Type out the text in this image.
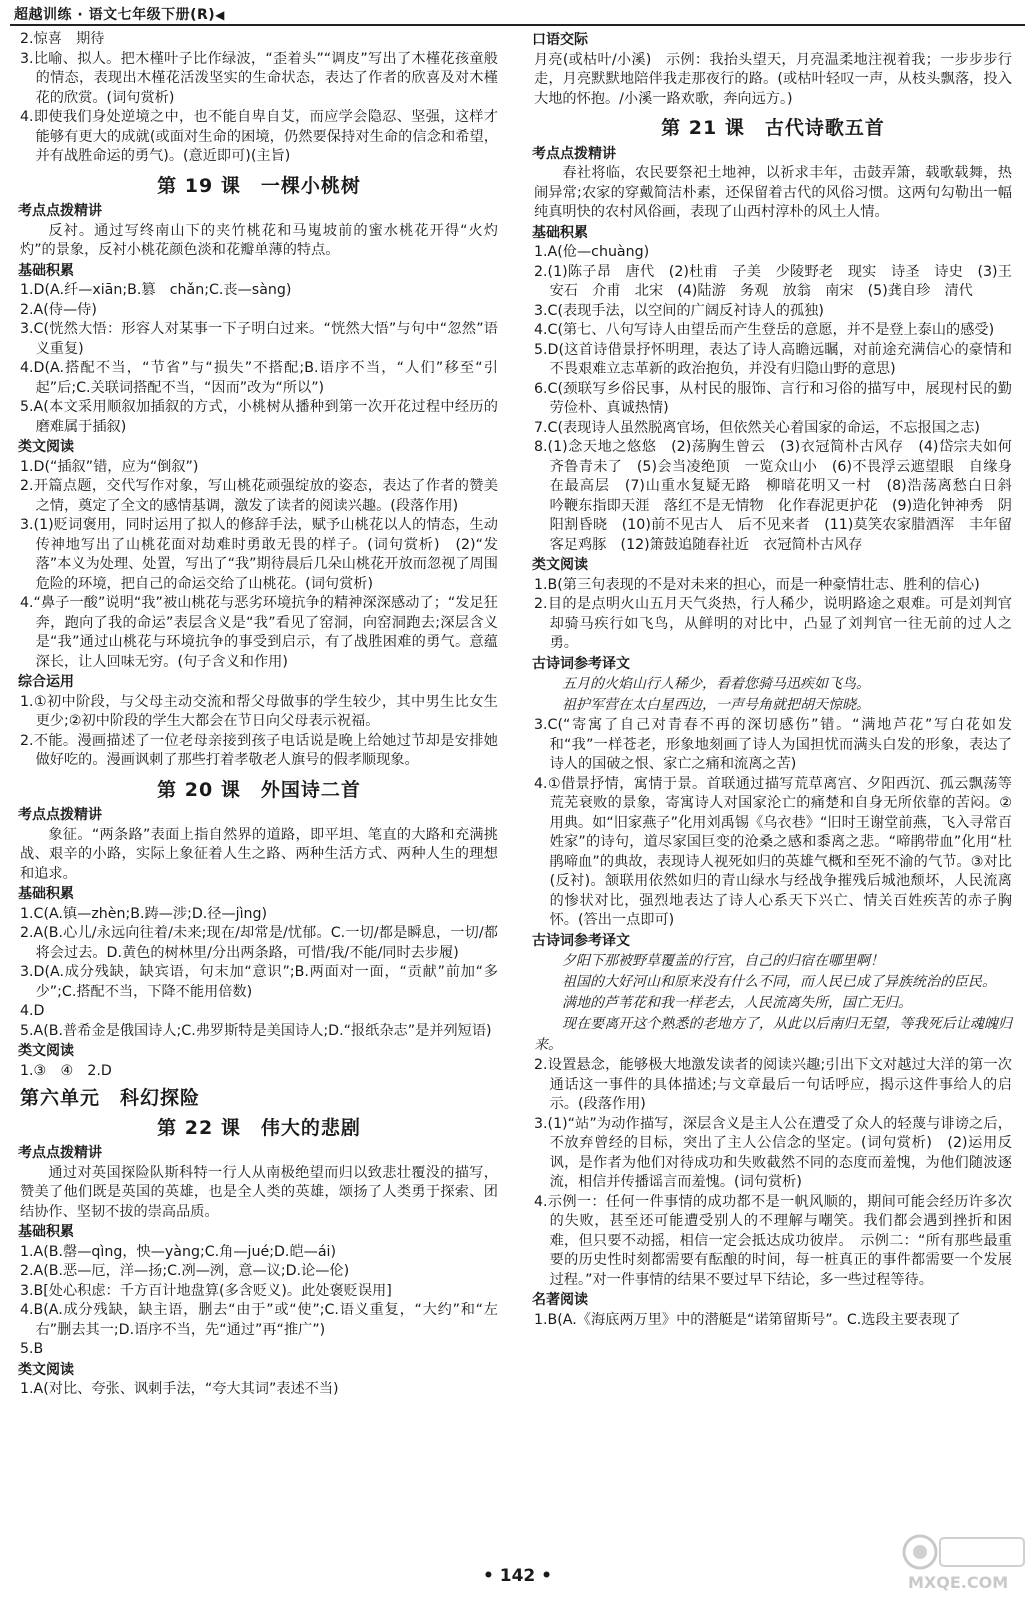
超越训练 · 语文七年级下册(R)◀
2.惊喜　期待
3.比喻、拟人。把木槿叶子比作绿波，“歪着头”“调皮”写出了木槿花孩童般的情态，表现出木槿花活泼坚实的生命状态，表达了作者的欣喜及对木槿花的欣赏。(词句赏析)
4.即使我们身处逆境之中，也不能自卑自艾，而应学会隐忍、坚强，这样才能够有更大的成就(或面对生命的困境，仍然要保持对生命的信念和希望，并有战胜命运的勇气)。(意近即可)(主旨)
第 19 课　一棵小桃树
考点点拨精讲
反衬。通过写终南山下的夹竹桃花和马嵬坡前的蜜水桃花开得“火灼灼”的景象，反衬小桃花颜色淡和花瓣单薄的特点。
基础积累
1.D(A.纤—xiān;B.篡　chǎn;C.丧—sàng)
2.A(侍—侍)
3.C(恍然大悟：形容人对某事一下子明白过来。“恍然大悟”与句中“忽然”语义重复)
4.D(A.搭配不当，“节省”与“损失”不搭配;B.语序不当，“人们”移至“引起”后;C.关联词搭配不当，“因而”改为“所以”)
5.A(本文采用顺叙加插叙的方式，小桃树从播种到第一次开花过程中经历的磨难属于插叙)
类文阅读
1.D(“插叙”错，应为“倒叙”)
2.开篇点题，交代写作对象，写山桃花顽强绽放的姿态，表达了作者的赞美之情，奠定了全文的感情基调，激发了读者的阅读兴趣。(段落作用)
3.(1)贬词褒用，同时运用了拟人的修辞手法，赋予山桃花以人的情态，生动传神地写出了山桃花面对劫难时勇敢无畏的样子。(词句赏析)　(2)“发落”本义为处理、处置，写出了“我”期待晨后几朵山桃花开放而忽视了周围危险的环境，把自己的命运交给了山桃花。(词句赏析)
4.“鼻子一酸”说明“我”被山桃花与恶劣环境抗争的精神深深感动了；“发足狂奔，跑向了我的命运”表层含义是“我”看见了窑洞，向窑洞跑去;深层含义是“我”通过山桃花与环境抗争的事受到启示，有了战胜困难的勇气。意蕴深长，让人回味无穷。(句子含义和作用)
综合运用
1.①初中阶段，与父母主动交流和帮父母做事的学生较少，其中男生比女生更少;②初中阶段的学生大都会在节日向父母表示祝福。
2.不能。漫画描述了一位老母亲接到孩子电话说是晚上给她过节却是安排她做好吃的。漫画讽刺了那些打着孝敬老人旗号的假孝顺现象。
第 20 课　外国诗二首
考点点拨精讲
象征。“两条路”表面上指自然界的道路，即平坦、笔直的大路和充满挑战、艰辛的小路，实际上象征着人生之路、两种生活方式、两种人生的理想和追求。
基础积累
1.C(A.镇—zhèn;B.踌—涉;D.径—jìng)
2.A(B.心儿/永远向往着/未来;现在/却常是/忧郁。C.一切/都是瞬息，一切/都将会过去。D.黄色的树林里/分出两条路，可惜/我/不能/同时去步履)
3.D(A.成分残缺，缺宾语，句末加“意识”;B.两面对一面，“贡献”前加“多少”;C.搭配不当，下降不能用倍数)
4.D
5.A(B.普希金是俄国诗人;C.弗罗斯特是美国诗人;D.“报纸杂志”是并列短语)
类文阅读
1.③　④　2.D
第六单元　科幻探险
第 22 课　伟大的悲剧
考点点拨精讲
通过对英国探险队斯科特一行人从南极绝望而归以致悲壮覆没的描写，赞美了他们既是英国的英雄，也是全人类的英雄，颂扬了人类勇于探索、团结协作、坚韧不拔的崇高品质。
基础积累
1.A(B.罄—qìng，怏—yàng;C.角—jué;D.皑—ái)
2.A(B.恶—厄，洋—扬;C.冽—洌，意—议;D.论—伦)
3.B[处心积虑：千方百计地盘算(多含贬义)。此处褒贬误用]
4.B(A.成分残缺，缺主语，删去“由于”或“使”;C.语义重复，“大约”和“左右”删去其一;D.语序不当，先“通过”再“推广”)
5.B
类文阅读
1.A(对比、夸张、讽刺手法，“夸大其词”表述不当)
口语交际
月亮(或枯叶/小溪)　示例：我抬头望天，月亮温柔地注视着我；一步步步行走，月亮默默地陪伴我走那夜行的路。(或枯叶轻叹一声，从枝头飘落，投入大地的怀抱。/小溪一路欢歌，奔向远方。)
第 21 课　古代诗歌五首
考点点拨精讲
春社将临，农民要祭祀土地神，以祈求丰年，击鼓弄箫，载歌载舞，热闹异常;农家的穿戴简洁朴素，还保留着古代的风俗习惯。这两句勾勒出一幅纯真明快的农村风俗画，表现了山西村淳朴的风土人情。
基础积累
1.A(伧—chuàng)
2.(1)陈子昂　唐代　(2)杜甫　子美　少陵野老　现实　诗圣　诗史　(3)王安石　介甫　北宋　(4)陆游　务观　放翁　南宋　(5)龚自珍　清代
3.C(表现手法，以空间的广阔反衬诗人的孤独)
4.C(第七、八句写诗人由望岳而产生登岳的意愿，并不是登上泰山的感受)
5.D(这首诗借景抒怀明理，表达了诗人高瞻远瞩，对前途充满信心的豪情和不畏艰难立志革新的政治抱负，并没有归隐山野的意思)
6.C(颈联写乡俗民事，从村民的服饰、言行和习俗的描写中，展现村民的勤劳俭朴、真诚热情)
7.C(表现诗人虽然脱离官场，但依然关心着国家的命运，不忘报国之志)
8.(1)念天地之悠悠　(2)荡胸生曾云　(3)衣冠简朴古风存　(4)岱宗夫如何　齐鲁青未了　(5)会当凌绝顶　一览众山小　(6)不畏浮云遮望眼　自缘身在最高层　(7)山重水复疑无路　柳暗花明又一村　(8)浩荡离愁白日斜　吟鞭东指即天涯　落红不是无情物　化作春泥更护花　(9)造化钟神秀　阴阳割昏晓　(10)前不见古人　后不见来者　(11)莫笑农家腊酒浑　丰年留客足鸡豚　(12)箫鼓追随春社近　衣冠简朴古风存
类文阅读
1.B(第三句表现的不是对未来的担心，而是一种豪情壮志、胜利的信心)
2.目的是点明火山五月天气炎热，行人稀少，说明路途之艰难。可是刘判官却骑马疾行如飞鸟，从鲜明的对比中，凸显了刘判官一往无前的过人之勇。
古诗词参考译文
五月的火焰山行人稀少，看着您骑马迅疾如飞鸟。
祖护军营在太白星西边，一声号角就把胡天惊晓。
3.C(“寄寓了自己对青春不再的深切感伤”错。“满地芦花”写白花如发和“我”一样苍老，形象地刻画了诗人为国担忧而满头白发的形象，表达了诗人的国破之恨、家亡之痛和流离之苦)
4.①借景抒情，寓情于景。首联通过描写荒草离宫、夕阳西沉、孤云飘荡等荒芜衰败的景象，寄寓诗人对国家沦亡的痛楚和自身无所依靠的苦闷。②用典。如“旧家燕子”化用刘禹锡《乌衣巷》“旧时王谢堂前燕，飞入寻常百姓家”的诗句，道尽家国巨变的沧桑之感和黍离之悲。“啼鹃带血”化用“杜鹃啼血”的典故，表现诗人视死如归的英雄气概和至死不渝的气节。③对比(反衬)。颔联用依然如归的青山绿水与经战争摧残后城池颓坏，人民流离的惨状对比，强烈地表达了诗人心系天下兴亡、情关百姓疾苦的赤子胸怀。(答出一点即可)
古诗词参考译文
夕阳下那被野草覆盖的行宫，自己的归宿在哪里啊！
祖国的大好河山和原来没有什么不同，而人民已成了异族统治的臣民。
满地的芦苇花和我一样老去，人民流离失所，国亡无归。
现在要离开这个熟悉的老地方了，从此以后南归无望，等我死后让魂魄归来。
2.设置悬念，能够极大地激发读者的阅读兴趣;引出下文对越过大洋的第一次通话这一事件的具体描述;与文章最后一句话呼应，揭示这件事给人的启示。(段落作用)
3.(1)“站”为动作描写，深层含义是主人公在遭受了众人的轻蔑与诽谤之后，不放弃曾经的目标，突出了主人公信念的坚定。(词句赏析)　(2)运用反讽，是作者为他们对待成功和失败截然不同的态度而羞愧，为他们随波逐流，相信并传播谣言而羞愧。(词句赏析)
4.示例一：任何一件事情的成功都不是一帆风顺的，期间可能会经历许多次的失败，甚至还可能遭受别人的不理解与嘲笑。我们都会遇到挫折和困难，但只要不动摇，相信一定会抵达成功彼岸。　示例二：“所有那些最重要的历史性时刻都需要有酝酿的时间，每一桩真正的事件都需要一个发展过程。”对一件事情的结果不要过早下结论，多一些过程等待。
名著阅读
1.B(A.《海底两万里》中的潜艇是“诺第留斯号”。C.选段主要表现了
• 142 •	MXQE.COM
